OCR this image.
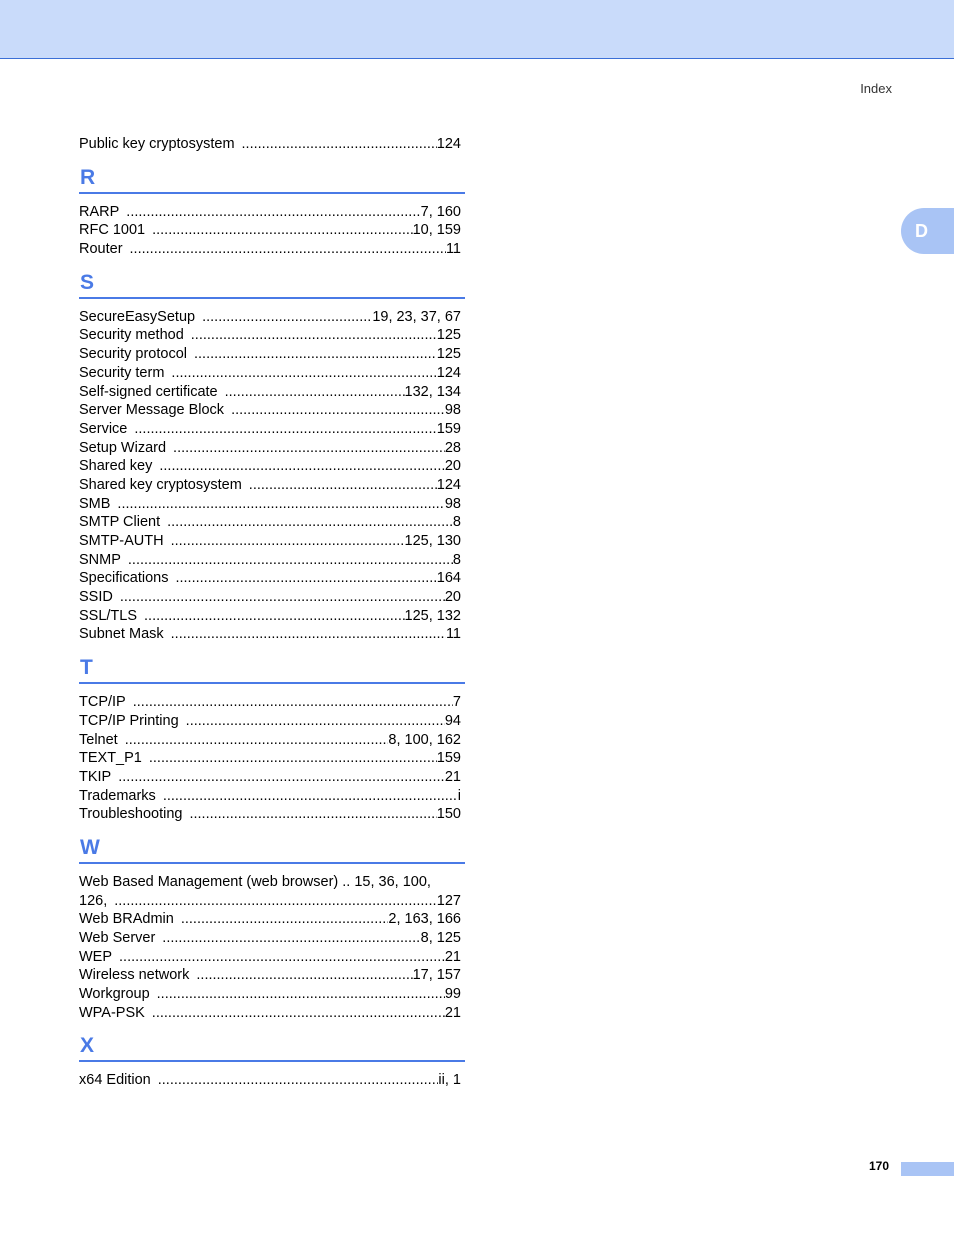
Index
D
Public key cryptosystem .....	124
R
RARP .....	7, 160
RFC 1001 .....	10, 159
Router .....	11
S
SecureEasySetup .....	19, 23, 37, 67
Security method .....	125
Security protocol .....	125
Security term .....	124
Self-signed certificate .....	132, 134
Server Message Block .....	98
Service .....	159
Setup Wizard .....	28
Shared key .....	20
Shared key cryptosystem .....	124
SMB .....	98
SMTP Client .....	8
SMTP-AUTH .....	125, 130
SNMP .....	8
Specifications .....	164
SSID .....	20
SSL/TLS .....	125, 132
Subnet Mask .....	11
T
TCP/IP .....	7
TCP/IP Printing .....	94
Telnet .....	8, 100, 162
TEXT_P1 .....	159
TKIP .....	21
Trademarks .....	i
Troubleshooting .....	150
W
Web Based Management (web browser) .. 15, 36, 100,
126, .....	127
Web BRAdmin .....	2, 163, 166
Web Server .....	8, 125
WEP .....	21
Wireless network .....	17, 157
Workgroup .....	99
WPA-PSK .....	21
X
x64 Edition .....	ii, 1
170
